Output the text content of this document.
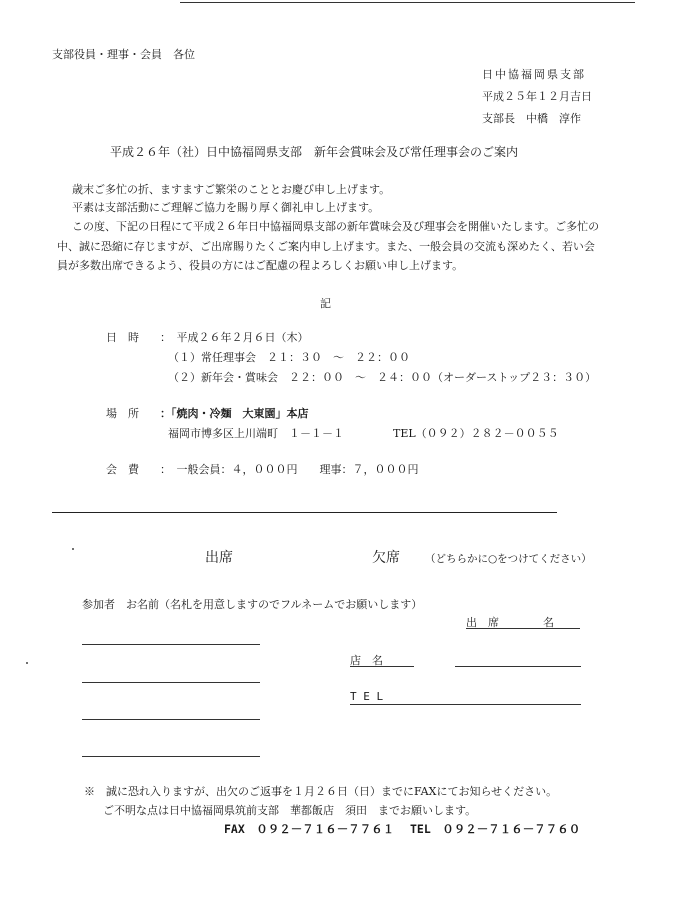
支部役員・理事・会員　各位
日中協福岡県支部
平成２５年１２月吉日
支部長　中橋　淳作
平成２６年（社）日中協福岡県支部　新年会賞味会及び常任理事会のご案内
歳末ご多忙の折、ますますご繁栄のこととお慶び申し上げます。
平素は支部活動にご理解ご協力を賜り厚く御礼申し上げます。
この度、下記の日程にて平成２６年日中協福岡県支部の新年賞味会及び理事会を開催いたします。ご多忙の
中、誠に恐縮に存じますが、ご出席賜りたくご案内申し上げます。また、一般会員の交流も深めたく、若い会
員が多数出席できるよう、役員の方にはご配慮の程よろしくお願い申し上げます。
記
日　時 ：　平成２６年２月６日（木）
（１）常任理事会　２１：３０　～　２２：００
（２）新年会・賞味会　２２：００　～　２４：００（オーダーストップ２３：３０）
場　所 ：「焼肉・冷麺　大東園」本店
福岡市博多区上川端町　１－１－１	TEL（０９２）２８２－００５５
会　費 ：　一般会員：４，０００円　　理事：７，０００円
出席	欠席 （どちらかに○をつけてください）
参加者　お名前（名札を用意しますのでフルネームでお願いします）
出　席　　　　名
店　名
T E L
※　誠に恐れ入りますが、出欠のご返事を１月２６日（日）までにFAXにてお知らせください。
ご不明な点は日中協福岡県筑前支部　華都飯店　須田　までお願いします。
FAX　０９２－７１６－７７６１ TEL　０９２－７１６－７７６０
